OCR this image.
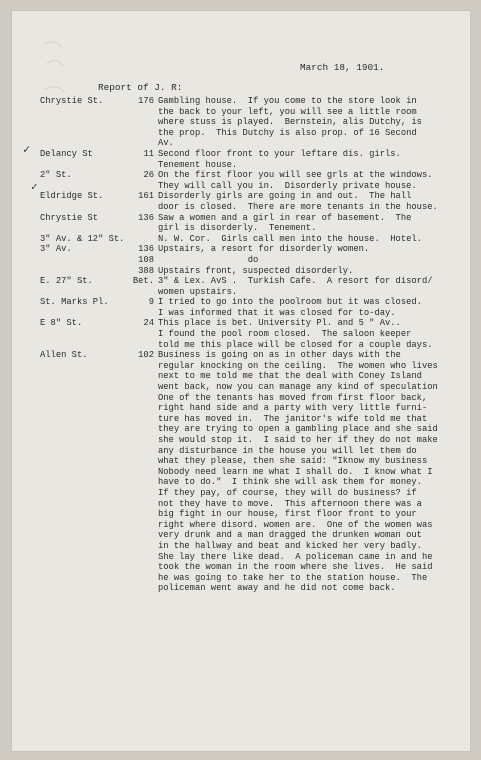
March 18, 1901.
Report of J. R:
✓
✓
Chrystie St.	176 Gambling house.  If you come to the store look in
the back to your left, you will see a little room
where stuss is played.  Bernstein, alis Dutchy, is
the prop.  This Dutchy is also prop. of 16 Second
Av.
Delancy St	11 Second floor front to your leftare dis. girls.
Tenement house.
2" St.	26 On the first floor you will see grls at the windows.
They will call you in.  Disorderly private house.
Eldridge St.	161 Disorderly girls are going in and out.  The hall
door is closed.  There are more tenants in the house.
Chrystie St	136 Saw a women and a girl in rear of basement.  The
girl is disorderly.  Tenement.
3" Av. & 12" St.	N. W. Cor.  Girls call men into the house.  Hotel.
3" Av.	136 Upstairs, a resort for disorderly women.
108 do
388 Upstairs front, suspected disorderly.
E. 27" St.	Bet. 3" & Lex. AvS .  Turkish Cafe.  A resort for disord/
women upstairs.
St. Marks Pl.	9 I tried to go into the poolroom but it was closed.
I was informed that it was closed for to-day.
E 8" St.	24 This place is bet. University Pl. and 5 " Av..
I found the pool room closed.  The saloon keeper
told me this place will be closed for a couple days.
Allen St.	102 Business is going on as in other days with the
regular knocking on the ceiling.  The women who lives
next to me told me that the deal with Coney Island
went back, now you can manage any kind of speculation
One of the tenants has moved from first floor back,
right hand side and a party with very little furni-
ture has moved in.  The janitor's wife told me that
they are trying to open a gambling place and she said
she would stop it.  I said to her if they do not make
any disturbance in the house you will let them do
what they please, then she said: "Iknow my business
Nobody need learn me what I shall do.  I know what I
have to do."  I think she will ask them for money.
If they pay, of course, they will do business? if
not they have to move.  This afternoon there was a
big fight in our house, first floor front to your
right where disord. women are.  One of the women was
very drunk and a man dragged the drunken woman out
in the hallway and beat and kicked her very badly.
She lay there like dead.  A policeman came in and he
took the woman in the room where she lives.  He said
he was going to take her to the station house.  The
policeman went away and he did not come back.
